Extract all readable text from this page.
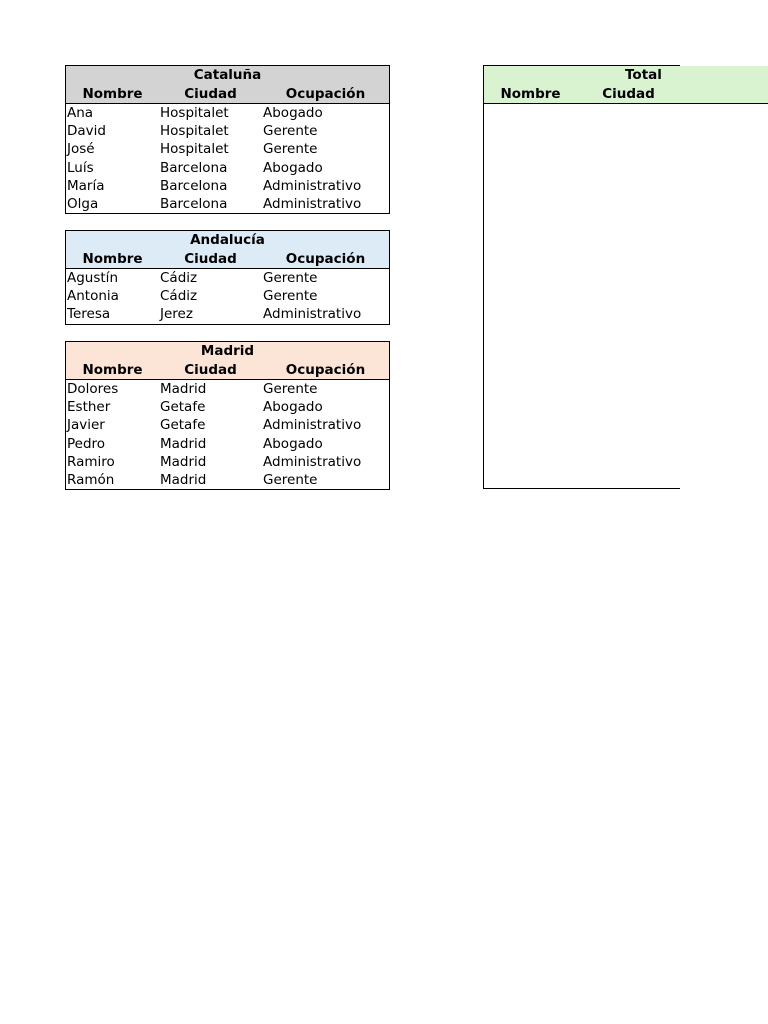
Cataluña
Nombre	Ciudad	Ocupación
Ana	Hospitalet	Abogado
David	Hospitalet	Gerente
José	Hospitalet	Gerente
Luís	Barcelona	Abogado
María	Barcelona	Administrativo
Olga	Barcelona	Administrativo
Andalucía
Nombre	Ciudad	Ocupación
Agustín	Cádiz	Gerente
Antonia	Cádiz	Gerente
Teresa	Jerez	Administrativo
Madrid
Nombre	Ciudad	Ocupación
Dolores	Madrid	Gerente
Esther	Getafe	Abogado
Javier	Getafe	Administrativo
Pedro	Madrid	Abogado
Ramiro	Madrid	Administrativo
Ramón	Madrid	Gerente
Total
Nombre	Ciudad
